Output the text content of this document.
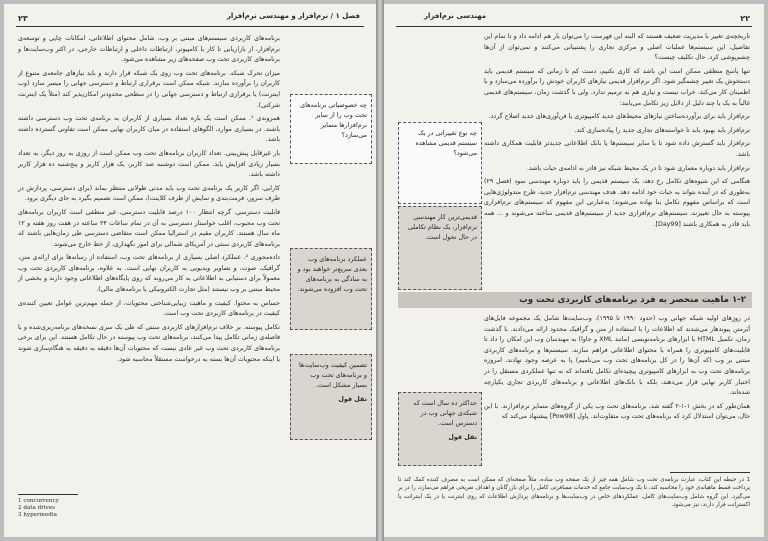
۲۳	فصل ۱ / نرم‌افزار و مهندسی نرم‌افزار

برنامه‌های کاربردی سیستم‌های مبتنی بر وب، شامل محتوای اطلاعاتی، امکانات چاپی و توسعه‌ی نرم‌افزار، از بازاریابی تا کار با کامپیوتر، ارتباطات داخلی و ارتباطات خارجی، در اکثر وب‌سایت‌ها و برنامه‌های کاربردی تحت وب صفحه‌های زیر مشاهده می‌شود.

میزان تحرک شبکه. برنامه‌های تحت وب روی یک شبکه قرار دارند و باید نیازهای جامعه‌ی متنوع از کاربران را برآورده سازند. شبکه ممکن است برقراری ارتباط و دسترسی جهانی را میسر سازد (وب اینترنت) یا برقراری ارتباط و دسترسی جهانی را در سطحی محدودتر امکان‌پذیر کند (مثلاً یک اینترنت شرکتی).

همروندی ¹. ممکن است یک باره تعداد بسیاری از کاربران به برنامه‌ی تحت وب دسترسی داشته باشند. در بسیاری موارد، الگوهای استفاده در میان کاربران نهایی ممکن است تفاوتی گسترده داشته باشد.

بار غیرقابل پیش‌بینی. تعداد کاربران برنامه‌های تحت وب ممکن است از روزی به روز دیگر، به تعداد بسیار زیادی افزایش یابد. ممکن است دوشنبه صد کاربر، یک هزار کاربر و پنج‌شنبه ده هزار کاربر داشته باشد.

کارایی. اگر کاربر یک برنامه‌ی تحت وب باید مدتی طولانی منتظر بماند (برای دسترسی، پردازش در طرف سرور، فرمت‌بندی و نمایش از طرف کلاینت)، ممکن است تصمیم بگیرد به جای دیگری برود.

قابلیت دسترسی. گرچه انتظار ۱۰۰ درصد قابلیت دسترسی، غیر منطقی است کاربران برنامه‌های تحت وب محبوب، اغلب خواستار دسترسی به آن در تمام ساعات ۲۴ ساعته در هفت روز هفته و ۱۲ ماه سال هستند. کاربران مقیم در استرالیا ممکن است متقاضی دسترسی طی زمان‌هایی باشند که برنامه‌های کاربردی سنتی در آمریکای شمالی برای امور نگهداری، از خط خارج می‌شوند.

داده‌محوری ². عملکرد اصلی بسیاری از برنامه‌های تحت وب، استفاده از رسانه‌ها برای ارائه‌ی متن، گرافیک، صوت، و تصاویر ویدیویی به کاربران نهایی است. به علاوه، برنامه‌های کاربردی تحت وب معمولاً برای دستیابی به اطلاعاتی به کار می‌روند که روی پایگاه‌های اطلاعاتی وجود دارند و بخشی از محیط مبتنی بر وب نیستند (مثل تجارت الکترونیکی یا برنامه‌های مالی).

حساس به محتوا. کیفیت و ماهیت زیبایی‌شناختی محتویات، از جمله مهم‌ترین عوامل تعیین کننده‌ی کیفیت در برنامه‌های کاربردی تحت وب است.

تکامل پیوسته. بر خلاف نرم‌افزارهای کاربردی سنتی که طی یک سری نسخه‌های برنامه‌ریزی‌شده و با فاصله‌ی زمانی تکامل پیدا می‌کنند، برنامه‌های تحت وب پیوسته در حال تکامل هستند. این برای برخی برنامه‌های کاربردی تحت وب غیر عادی نیست که محتویات آن‌ها دقیقه به دقیقه به هنگام‌سازی شوند یا اینکه محتویات آن‌ها بسته به درخواست مستقلاً محاسبه شود.

چه خصوصیاتی برنامه‌های تحت وب را از سایر نرم‌افزارها متمایز می‌سازد؟
عملکرد برنامه‌های وب بعدی سریع‌تر خواهند بود و به سادگی به برنامه‌های تحت وب افزوده می‌شوند.
تضمین کیفیت وب‌سایت‌ها و برنامه‌های تحت وب بسیار مشکل است.
نقل قول
1 concurrency
2 data drives
3 hypermedia
۲۲
مهندسی نرم‌افزار

تاریخچه‌ی تغییر با مدیریت ضعیف هستند که البته این فهرست را می‌توان بار هم ادامه داد و تا تمام این تفاصیل، این سیستم‌ها عملیات اصلی و مرکزی تجاری را پشتیبانی می‌کنند و نمی‌توان از آن‌ها چشم‌پوشی کرد. حال تکلیف چیست؟

تنها پاسخ منطقی ممکن است این باشد که کاری نکنیم، دست کم تا زمانی که سیستم قدیمی باید دستخوش یک تغییر چشمگیر شود. اگر نرم‌افزار قدیمی نیازهای کاربران خودش را برآورده می‌سازد و با اطمینان کار می‌کند، خراب نیست و نیازی هم به ترمیم ندارد. ولی با گذشت زمان، سیستم‌های قدیمی غالباً به یک یا چند دلیل از دلایل زیر تکامل می‌یابند:

نرم‌افزار باید برای برآورده‌ساختن نیازهای محیط‌های جدید کامپیوتری یا فن‌آوری‌های جدید اصلاح گردد.

نرم‌افزار باید بهبود یابد تا خواسته‌های تجاری جدید را پیاده‌سازی کند.

نرم‌افزار باید گسترش داده شود تا با سایر سیستم‌ها یا بانک اطلاعاتی جدیدتر قابلیت همکاری داشته باشد.

نرم‌افزار باید دوباره معماری شود تا در یک محیط شبکه نیز قادر به ادامه‌ی حیات باشد.

هنگامی که این شیوه‌های تکامل رخ دهد، یک سیستم قدیمی را باید دوباره مهندسی نمود (فصل ۲۹) به‌طوری که در آینده بتواند به حیات خود ادامه دهد. هدف مهندسی نرم‌افزار جدید، طرح متدولوژی‌هایی است که براساس مفهوم تکامل بنا نهاده می‌شوند؛ به‌عبارتی این مفهوم که سیستم‌های نرم‌افزاری پیوسته به حال تغییرند، سیستم‌های نرم‌افزاری جدید از سیستم‌های قدیمی ساخته می‌شوند و ... همه باید قادر به همکاری باشند [Day99].

چه نوع تغییراتی در یک سیستم قدیمی مشاهده می‌شود؟
قدیمی‌ترین کار مهندسی نرم‌افزار، یک نظام تکاملی در حال تحول است.
۱-۲ ماهیت منحصر به فرد برنامه‌های کاربردی تحت وب
حداکثر ده سال است که شبکه‌ی جهانی وب در دسترس است.
نقل قول

در روزهای اولیه شبکه جهانی وب (حدود ۱۹۹۰ تا ۱۹۹۵)، وب‌سایت‌ها شامل یک مجموعه فایل‌های اَبَرمتن پیوندهار می‌شدند که اطلاعات را با استفاده از متن و گرافیک محدود ارائه می‌دادند. با گذشت زمان، تکمیل HTML با ابزارهای برنامه‌نویسی (مانند XML و جاوا) به مهندسان وب این امکان را داد تا قابلیت‌های کامپیوتری را همراه با محتوای اطلاعاتی فراهم سازند. سیستم‌ها و برنامه‌های کاربردی مبتنی بر وب (که آن‌ها را در کل برنامه‌های تحت وب می‌نامیم) پا به عرصه وجود نهادند. امروزه برنامه‌های تحت وب به ابزارهای کامپیوتری پیچیده‌ای تکامل یافته‌اند که نه تنها عملکردی مستقل را در اختیار کاربر نهایی قرار می‌دهند، بلکه با بانک‌های اطلاعاتی و برنامه‌های کاربردی تجاری یکپارچه شده‌اند.

همان‌طور که در بخش ۱-۱-۲ گفته شد، برنامه‌های تحت وب یکی از گروه‌های متمایز نرم‌افزارند. با این حال، می‌توان استدلال کرد که برنامه‌های تحت وب متفاوت‌اند. پاول [Pow98] پیشنهاد می‌کند که

1 در حیطه این کتاب، عبارت برنامه‌ی تحت وب شامل همه چیز از یک صفحه وب ساده، مثلاً صفحه‌ای که ممکن است به مصرف کننده کمک کند تا پرداخت قسط ماهیانه‌ی خود را محاسبه کند، تا یک وب‌سایت جامع که خدمات مسافرتی کامل را برای بازرگانان و اهداف تفریحی فراهم می‌سازد، را در بر می‌گیرد. این گروه شامل وب‌سایت‌های کامل، عملکردهای خاص در وب‌سایت‌ها و برنامه‌های پردازش اطلاعات که روی اینترنت یا در یک اینترانت یا اکسترانت قرار دارند، نیز می‌شود.
